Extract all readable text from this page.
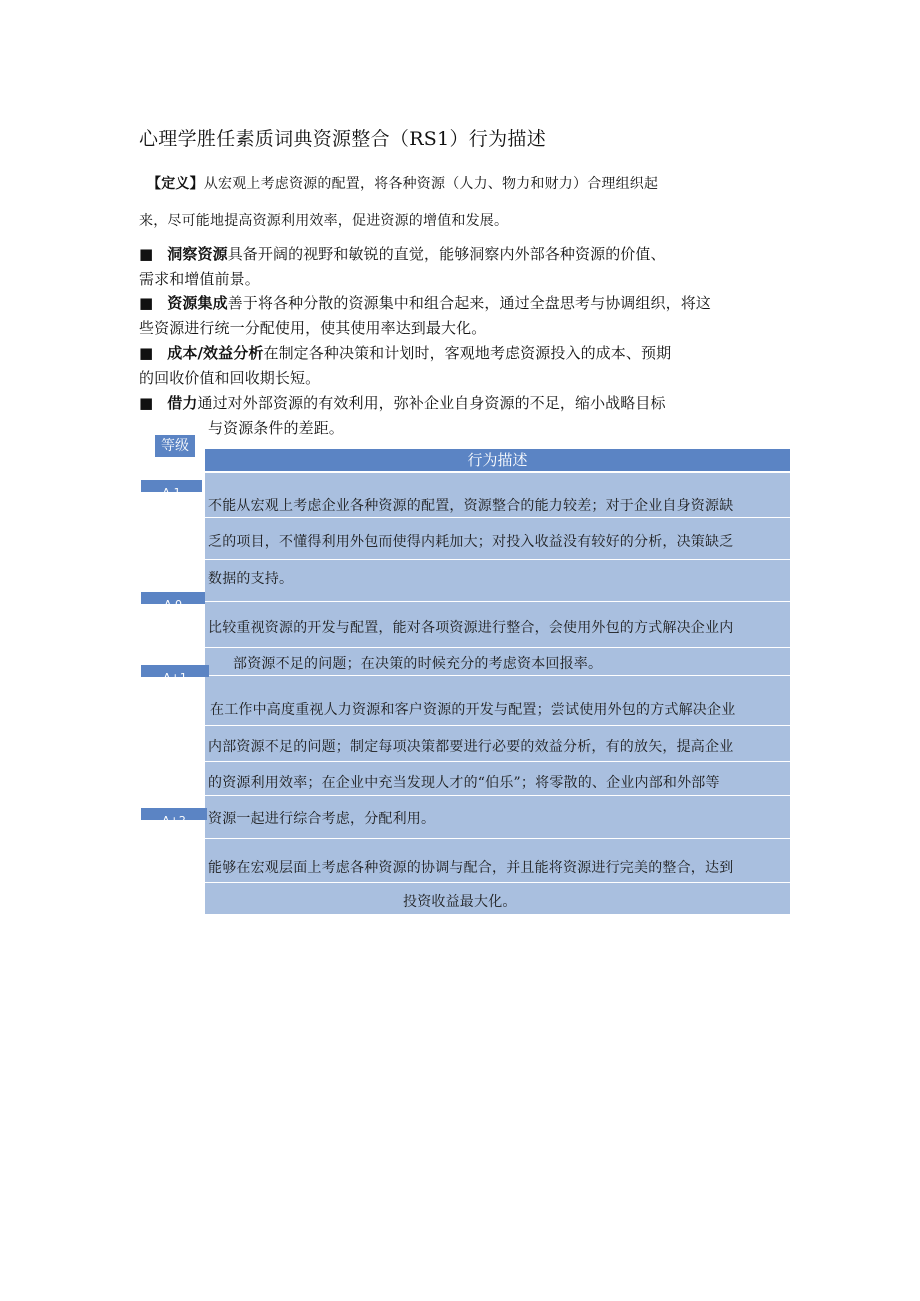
心理学胜任素质词典资源整合（RS1）行为描述
【定义】从宏观上考虑资源的配置，将各种资源（人力、物力和财力）合理组织起
来，尽可能地提高资源利用效率，促进资源的增值和发展。
■ 洞察资源具备开阔的视野和敏锐的直觉，能够洞察内外部各种资源的价值、
需求和增值前景。
■ 资源集成善于将各种分散的资源集中和组合起来，通过全盘思考与协调组织，将这
些资源进行统一分配使用，使其使用率达到最大化。
■ 成本/效益分析在制定各种决策和计划时，客观地考虑资源投入的成本、预期
的回收价值和回收期长短。
■ 借力通过对外部资源的有效利用，弥补企业自身资源的不足，缩小战略目标
与资源条件的差距。
等级
行为描述
A-1
A 0
A+1
A+2
不能从宏观上考虑企业各种资源的配置，资源整合的能力较差；对于企业自身资源缺
乏的项目，不懂得利用外包而使得内耗加大；对投入收益没有较好的分析，决策缺乏
数据的支持。
比较重视资源的开发与配置，能对各项资源进行整合，会使用外包的方式解决企业内
部资源不足的问题；在决策的时候充分的考虑资本回报率。
在工作中高度重视人力资源和客户资源的开发与配置；尝试使用外包的方式解决企业
内部资源不足的问题；制定每项决策都要进行必要的效益分析，有的放矢，提高企业
的资源利用效率；在企业中充当发现人才的“伯乐”；将零散的、企业内部和外部等
资源一起进行综合考虑，分配利用。
能够在宏观层面上考虑各种资源的协调与配合，并且能将资源进行完美的整合，达到
投资收益最大化。
